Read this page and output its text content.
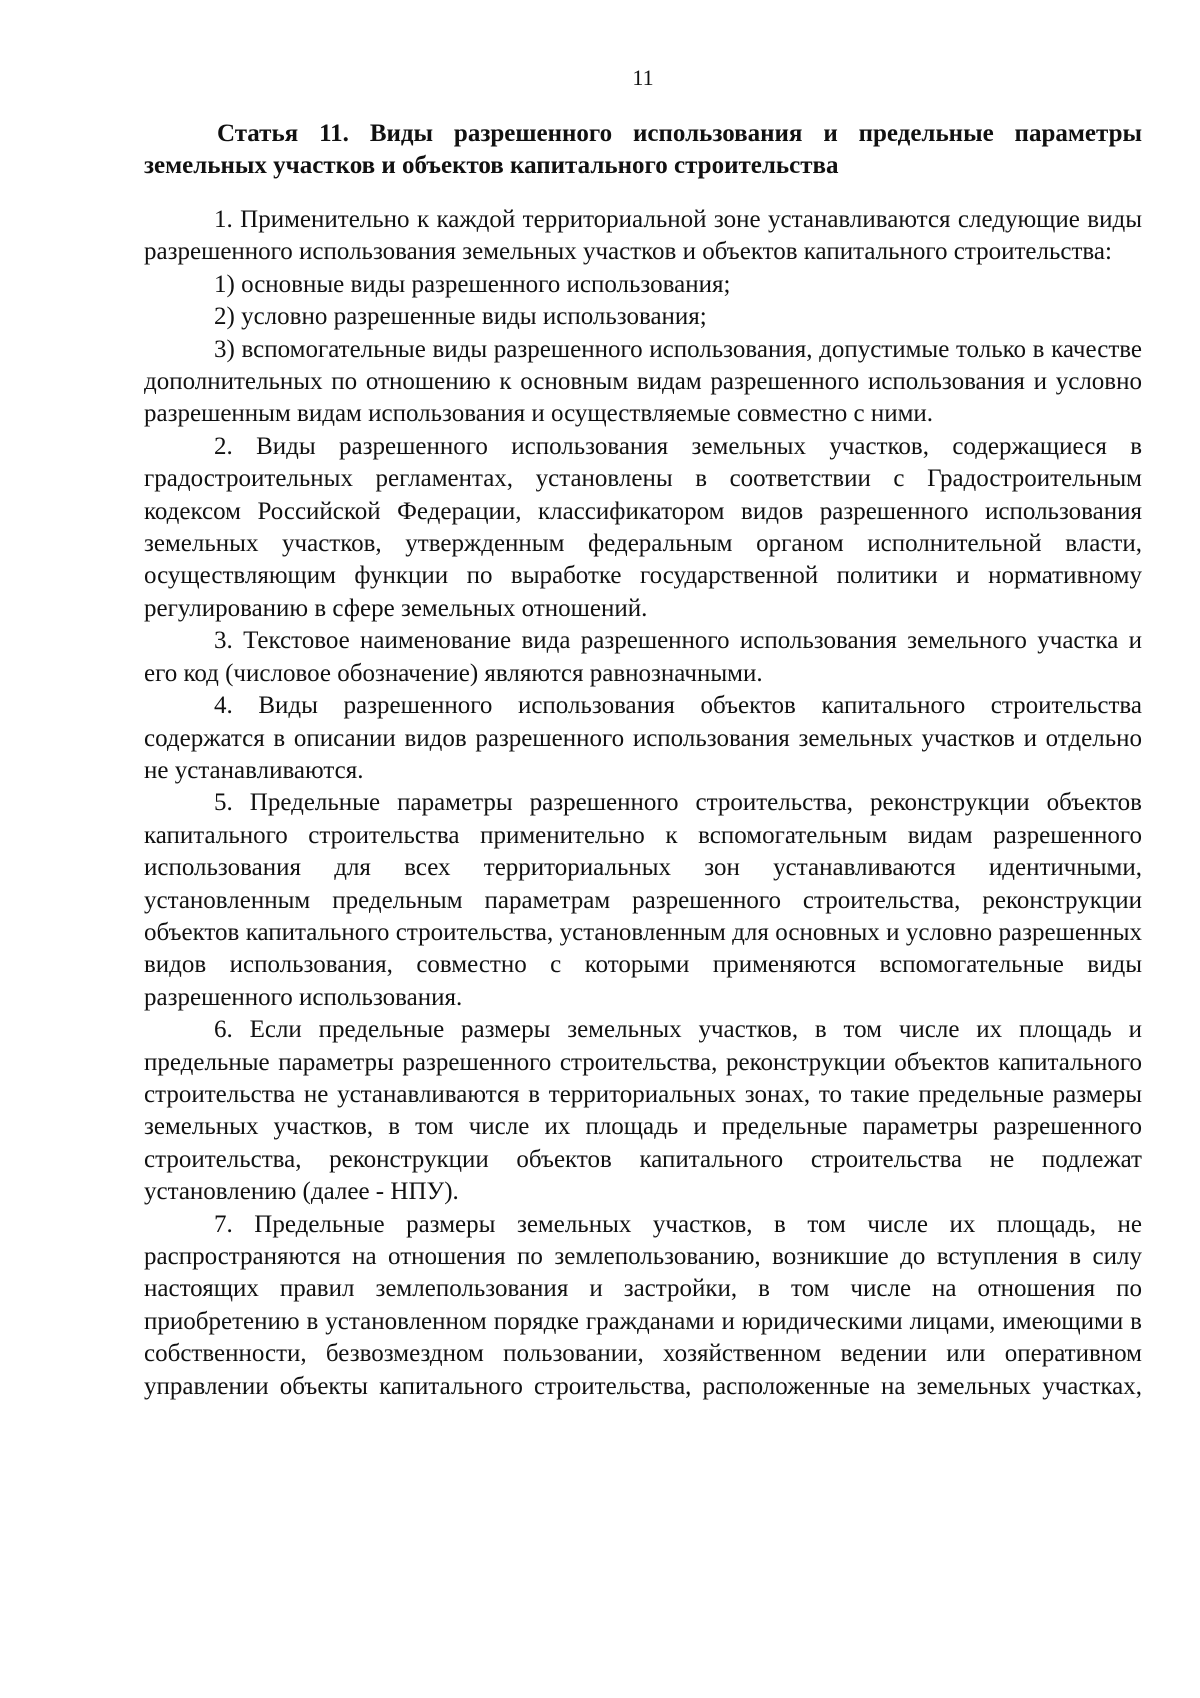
11
Статья 11. Виды разрешенного использования и предельные параметры земельных участков и объектов капитального строительства

1. Применительно к каждой территориальной зоне устанавливаются следующие виды разрешенного использования земельных участков и объектов капитального строительства:

1) основные виды разрешенного использования;

2) условно разрешенные виды использования;

3) вспомогательные виды разрешенного использования, допустимые только в качестве дополнительных по отношению к основным видам разрешенного использования и условно разрешенным видам использования и осуществляемые совместно с ними.

2. Виды разрешенного использования земельных участков, содержащиеся в градостроительных регламентах, установлены в соответствии с Градостроительным кодексом Российской Федерации, классификатором видов разрешенного использования земельных участков, утвержденным федеральным органом исполнительной власти, осуществляющим функции по выработке государственной политики и нормативному регулированию в сфере земельных отношений.

3. Текстовое наименование вида разрешенного использования земельного участка и его код (числовое обозначение) являются равнозначными.

4. Виды разрешенного использования объектов капитального строительства содержатся в описании видов разрешенного использования земельных участков и отдельно не устанавливаются.

5. Предельные параметры разрешенного строительства, реконструкции объектов капитального строительства применительно к вспомогательным видам разрешенного использования для всех территориальных зон устанавливаются идентичными, установленным предельным параметрам разрешенного строительства, реконструкции объектов капитального строительства, установленным для основных и условно разрешенных видов использования, совместно с которыми применяются вспомогательные виды разрешенного использования.

6. Если предельные размеры земельных участков, в том числе их площадь и предельные параметры разрешенного строительства, реконструкции объектов капитального строительства не устанавливаются в территориальных зонах, то такие предельные размеры земельных участков, в том числе их площадь и предельные параметры разрешенного строительства, реконструкции объектов капитального строительства не подлежат установлению (далее - НПУ).

7. Предельные размеры земельных участков, в том числе их площадь, не распространяются на отношения по землепользованию, возникшие до вступления в силу настоящих правил землепользования и застройки, в том числе на отношения по приобретению в установленном порядке гражданами и юридическими лицами, имеющими в собственности, безвозмездном пользовании, хозяйственном ведении или оперативном управлении объекты капитального строительства, расположенные на земельных участках,
